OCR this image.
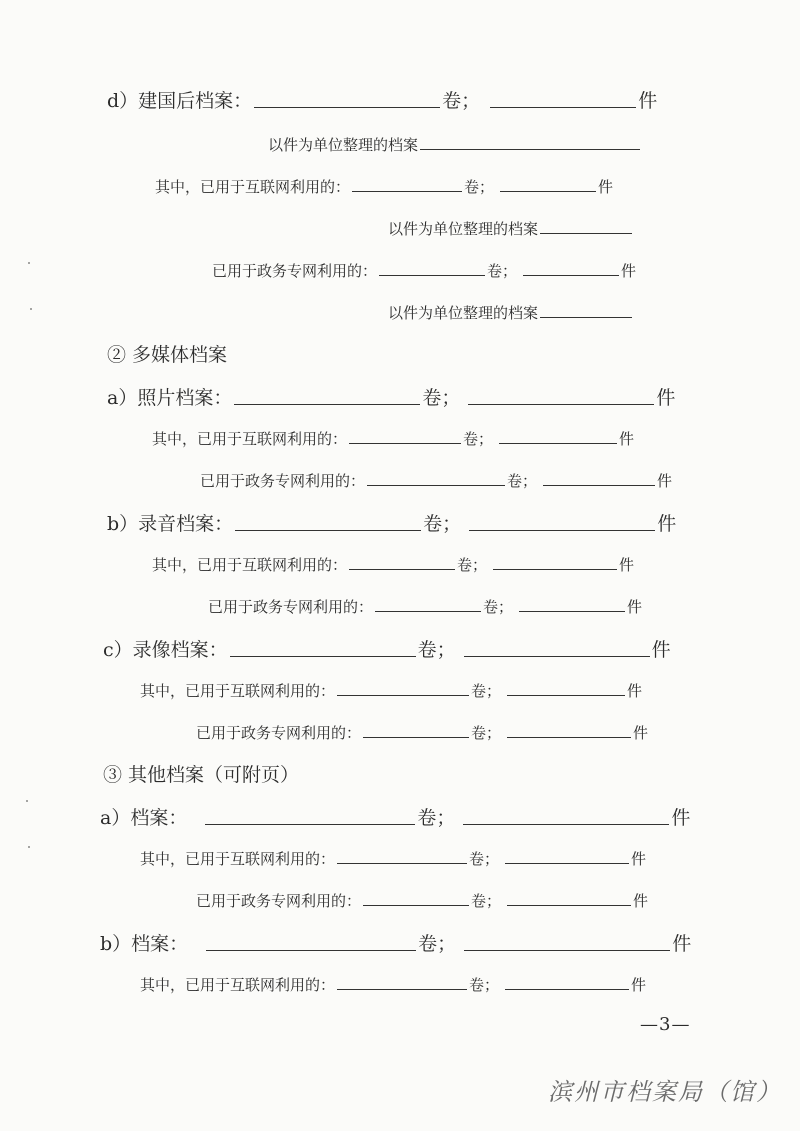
d）建国后档案：	卷；	件
以件为单位整理的档案
其中，已用于互联网利用的：	卷；	件
以件为单位整理的档案
已用于政务专网利用的：	卷；	件
以件为单位整理的档案
② 多媒体档案
a）照片档案：	卷；	件
其中，已用于互联网利用的：	卷；	件
已用于政务专网利用的：	卷；	件
b）录音档案：	卷；	件
其中，已用于互联网利用的：	卷；	件
已用于政务专网利用的：	卷；	件
c）录像档案：	卷；	件
其中，已用于互联网利用的：	卷；	件
已用于政务专网利用的：	卷；	件
③ 其他档案（可附页）
a）档案：	卷；	件
其中，已用于互联网利用的：	卷；	件
已用于政务专网利用的：	卷；	件
b）档案：	卷；	件
其中，已用于互联网利用的：	卷；	件
—3—
滨州市档案局（馆）
